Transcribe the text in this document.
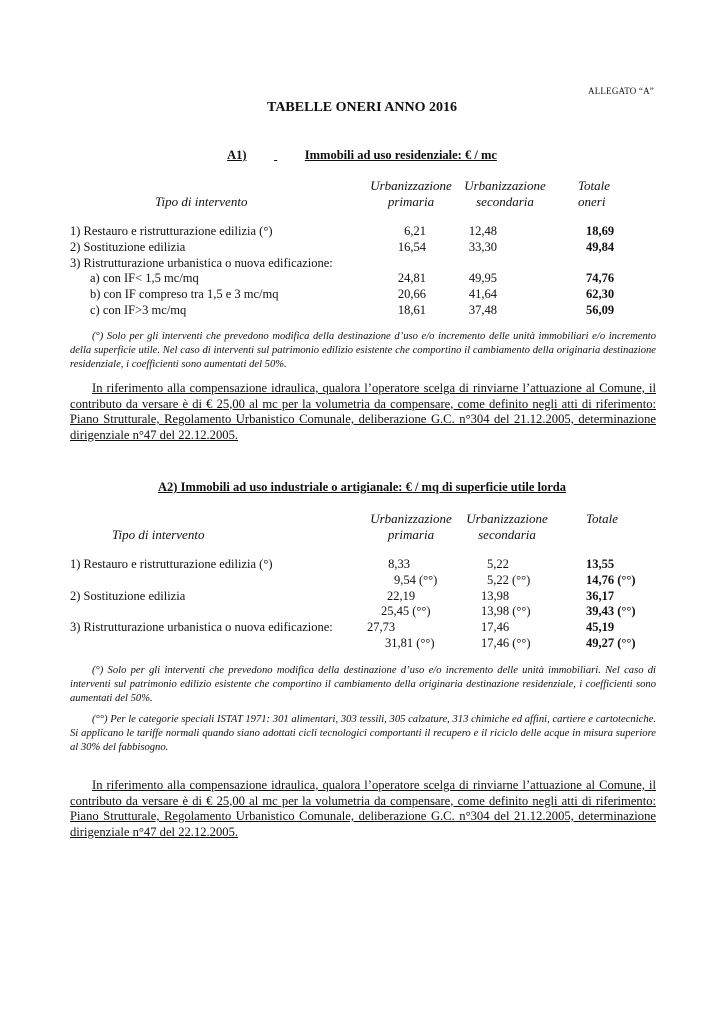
ALLEGATO “A”
TABELLE ONERI ANNO 2016
A1)	Immobili ad uso residenziale: € / mc
Urbanizzazione
primaria
Urbanizzazione
secondaria
Totale
oneri
Tipo di intervento
1) Restauro e ristrutturazione edilizia (°)	6,21	12,48	18,69
2) Sostituzione edilizia	16,54	33,30	49,84
3) Ristrutturazione urbanistica o nuova edificazione:
a) con IF< 1,5 mc/mq	24,81	49,95	74,76
b) con IF compreso tra 1,5 e 3 mc/mq	20,66	41,64	62,30
c) con IF>3 mc/mq	18,61	37,48	56,09
(°) Solo per gli interventi che prevedono modifica della destinazione d’uso e/o incremento delle unità immobiliari e/o incremento della superficie utile. Nel caso di interventi sul patrimonio edilizio esistente che comportino il cambiamento della originaria destinazione residenziale, i coefficienti sono aumentati del 50%.
In riferimento alla compensazione idraulica, qualora l’operatore scelga di rinviarne l’attuazione al Comune, il contributo da versare è di € 25,00 al mc per la volumetria da compensare, come definito negli atti di riferimento: Piano Strutturale, Regolamento Urbanistico Comunale, deliberazione G.C. n°304 del 21.12.2005, determinazione dirigenziale n°47 del 22.12.2005.
A2) Immobili ad uso industriale o artigianale: € / mq di superficie utile lorda
Urbanizzazione
primaria
Urbanizzazione
secondaria
Totale
Tipo di intervento
1) Restauro e ristrutturazione edilizia (°)	8,33	5,22	13,55
9,54 (°°)	5,22 (°°)	14,76 (°°)
2) Sostituzione edilizia	22,19	13,98	36,17
25,45 (°°)	13,98 (°°)	39,43 (°°)
3) Ristrutturazione urbanistica o nuova edificazione:	27,73	17,46	45,19
31,81 (°°)	17,46 (°°)	49,27 (°°)
(°) Solo per gli interventi che prevedono modifica della destinazione d’uso e/o incremento delle unità immobiliari. Nel caso di interventi sul patrimonio edilizio esistente che comportino il cambiamento della originaria destinazione residenziale, i coefficienti sono aumentati del 50%.
(°°) Per le categorie speciali ISTAT 1971: 301 alimentari, 303 tessili, 305 calzature, 313 chimiche ed affini, cartiere e cartotecniche. Si applicano le tariffe normali quando siano adottati cicli tecnologici comportanti il recupero e il riciclo delle acque in misura superiore al 30% del fabbisogno.
In riferimento alla compensazione idraulica, qualora l’operatore scelga di rinviarne l’attuazione al Comune, il contributo da versare è di € 25,00 al mc per la volumetria da compensare, come definito negli atti di riferimento: Piano Strutturale, Regolamento Urbanistico Comunale, deliberazione G.C. n°304 del 21.12.2005, determinazione dirigenziale n°47 del 22.12.2005.
